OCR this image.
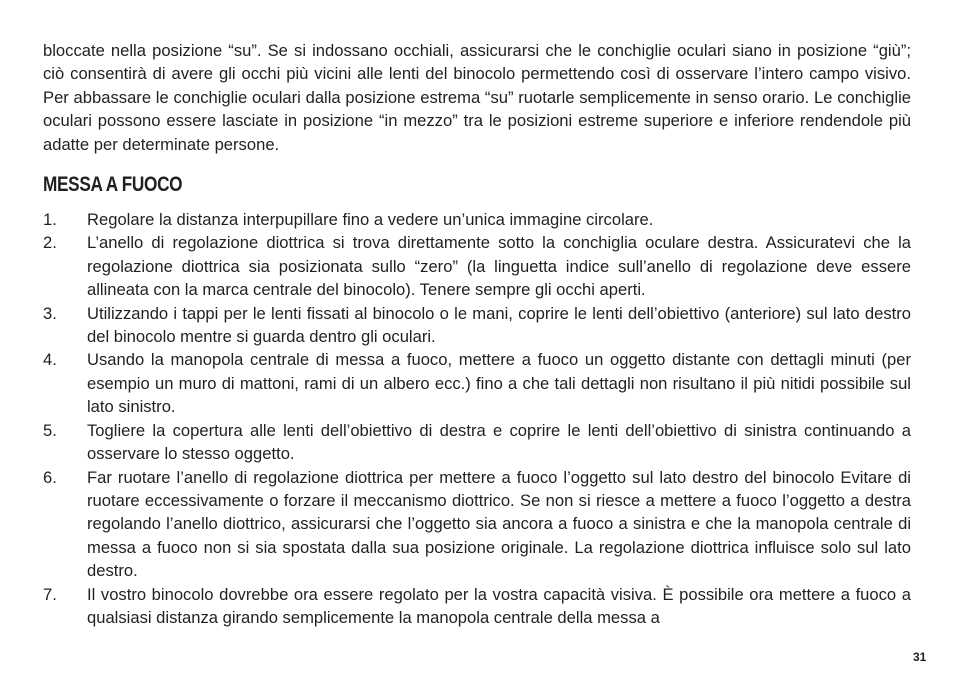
bloccate nella posizione “su”. Se si indossano occhiali, assicurarsi che le conchiglie oculari siano in posizione “giù”; ciò consentirà di avere gli occhi più vicini alle lenti del binocolo permettendo così di osservare l’intero campo visivo. Per abbassare le conchiglie oculari dalla posizione estrema “su” ruotarle semplicemente in senso orario. Le conchiglie oculari possono essere lasciate in posizione “in mezzo” tra le posizioni estreme superiore e inferiore rendendole più adatte per determinate persone.

MESSA A FUOCO
1. Regolare la distanza interpupillare fino a vedere un’unica immagine circolare.
2. L’anello di regolazione diottrica si trova direttamente sotto la conchiglia oculare destra. Assicuratevi che la regolazione diottrica sia posizionata sullo “zero” (la linguetta indice sull’anello di regolazione deve essere allineata con la marca centrale del binocolo). Tenere sempre gli occhi aperti.
3. Utilizzando i tappi per le lenti fissati al binocolo o le mani, coprire le lenti dell’obiettivo (anteriore) sul lato destro del binocolo mentre si guarda dentro gli oculari.
4. Usando la manopola centrale di messa a fuoco, mettere a fuoco un oggetto distante con dettagli minuti (per esempio un muro di mattoni, rami di un albero ecc.) fino a che tali dettagli non risultano il più nitidi possibile sul lato sinistro.
5. Togliere la copertura alle lenti dell’obiettivo di destra e coprire le lenti dell’obiettivo di sinistra continuando a osservare lo stesso oggetto.
6. Far ruotare l’anello di regolazione diottrica per mettere a fuoco l’oggetto sul lato destro del binocolo Evitare di ruotare eccessivamente o forzare il meccanismo diottrico. Se non si riesce a mettere a fuoco l’oggetto a destra regolando l’anello diottrico, assicurarsi che l’oggetto sia ancora a fuoco a sinistra e che la manopola centrale di messa a fuoco non si sia spostata dalla sua posizione originale. La regolazione diottrica influisce solo sul lato destro.
7. Il vostro binocolo dovrebbe ora essere regolato per la vostra capacità visiva. È possibile ora mettere a fuoco a qualsiasi distanza girando semplicemente la manopola centrale della messa a
31
